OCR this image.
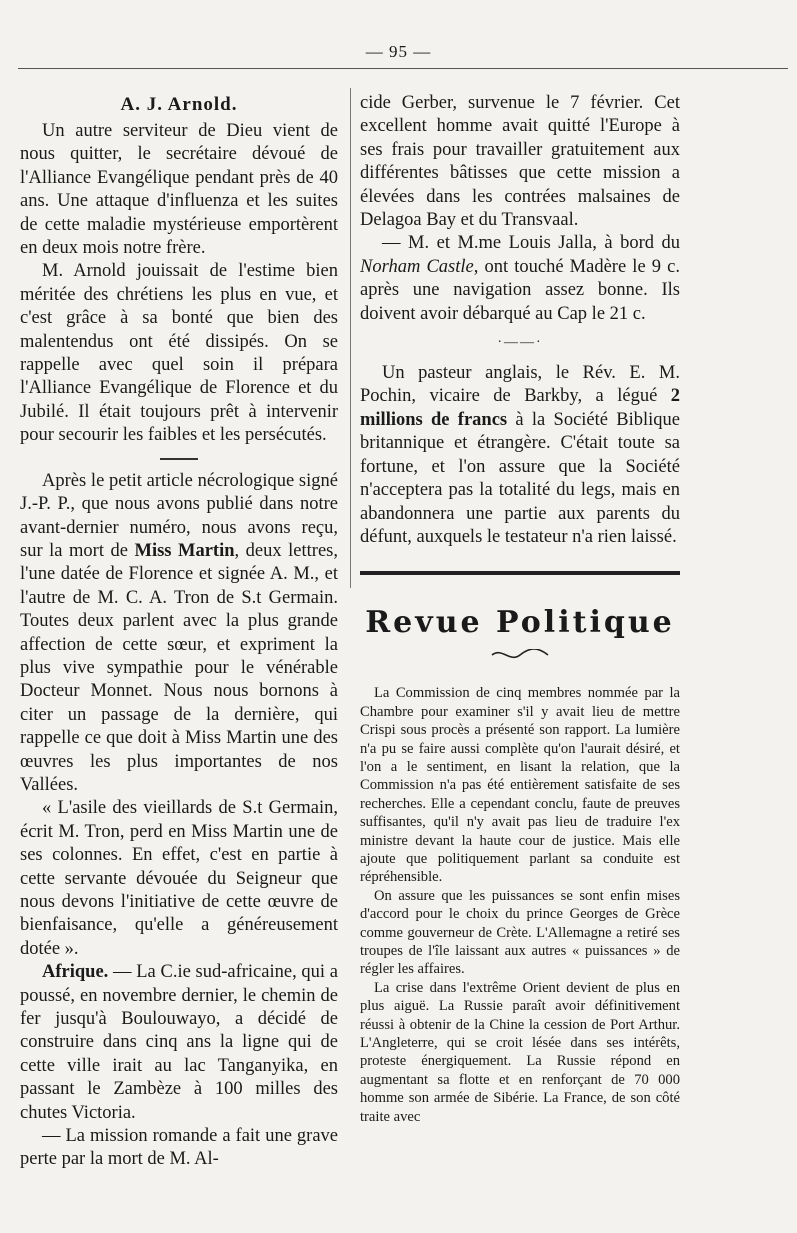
— 95 —
A. J. Arnold.

Un autre serviteur de Dieu vient de nous quitter, le secrétaire dévoué de l'Alliance Evangélique pendant près de 40 ans. Une attaque d'influenza et les suites de cette maladie mystérieuse emportèrent en deux mois notre frère.

M. Arnold jouissait de l'estime bien méritée des chrétiens les plus en vue, et c'est grâce à sa bonté que bien des malentendus ont été dissipés. On se rappelle avec quel soin il prépara l'Alliance Evangélique de Florence et du Jubilé. Il était toujours prêt à intervenir pour secourir les faibles et les persécutés.

Après le petit article nécrologique signé J.-P. P., que nous avons publié dans notre avant-dernier numéro, nous avons reçu, sur la mort de Miss Martin, deux lettres, l'une datée de Florence et signée A. M., et l'autre de M. C. A. Tron de S.t Germain. Toutes deux parlent avec la plus grande affection de cette sœur, et expriment la plus vive sympathie pour le vénérable Docteur Monnet. Nous nous bornons à citer un passage de la dernière, qui rappelle ce que doit à Miss Martin une des œuvres les plus importantes de nos Vallées.

« L'asile des vieillards de S.t Germain, écrit M. Tron, perd en Miss Martin une de ses colonnes. En effet, c'est en partie à cette servante dévouée du Seigneur que nous devons l'initiative de cette œuvre de bienfaisance, qu'elle a généreusement dotée ».

Afrique. — La C.ie sud-africaine, qui a poussé, en novembre dernier, le chemin de fer jusqu'à Boulouwayo, a décidé de construire dans cinq ans la ligne qui de cette ville irait au lac Tanganyika, en passant le Zambèze à 100 milles des chutes Victoria.

— La mission romande a fait une grave perte par la mort de M. Al-

cide Gerber, survenue le 7 février. Cet excellent homme avait quitté l'Europe à ses frais pour travailler gratuitement aux différentes bâtisses que cette mission a élevées dans les contrées malsaines de Delagoa Bay et du Transvaal.

— M. et M.me Louis Jalla, à bord du Norham Castle, ont touché Madère le 9 c. après une navigation assez bonne. Ils doivent avoir débarqué au Cap le 21 c.

·——·

Un pasteur anglais, le Rév. E. M. Pochin, vicaire de Barkby, a légué 2 millions de francs à la Société Biblique britannique et étrangère. C'était toute sa fortune, et l'on assure que la Société n'acceptera pas la totalité du legs, mais en abandonnera une partie aux parents du défunt, auxquels le testateur n'a rien laissé.

Revue Politique

La Commission de cinq membres nommée par la Chambre pour examiner s'il y avait lieu de mettre Crispi sous procès a présenté son rapport. La lumière n'a pu se faire aussi complète qu'on l'aurait désiré, et l'on a le sentiment, en lisant la relation, que la Commission n'a pas été entièrement satisfaite de ses recherches. Elle a cependant conclu, faute de preuves suffisantes, qu'il n'y avait pas lieu de traduire l'ex ministre devant la haute cour de justice. Mais elle ajoute que politiquement parlant sa conduite est répréhensible.

On assure que les puissances se sont enfin mises d'accord pour le choix du prince Georges de Grèce comme gouverneur de Crète. L'Allemagne a retiré ses troupes de l'île laissant aux autres « puissances » de régler les affaires.

La crise dans l'extrême Orient devient de plus en plus aiguë. La Russie paraît avoir définitivement réussi à obtenir de la Chine la cession de Port Arthur. L'Angleterre, qui se croit lésée dans ses intérêts, proteste énergiquement. La Russie répond en augmentant sa flotte et en renforçant de 70 000 homme son armée de Sibérie. La France, de son côté traite avec
